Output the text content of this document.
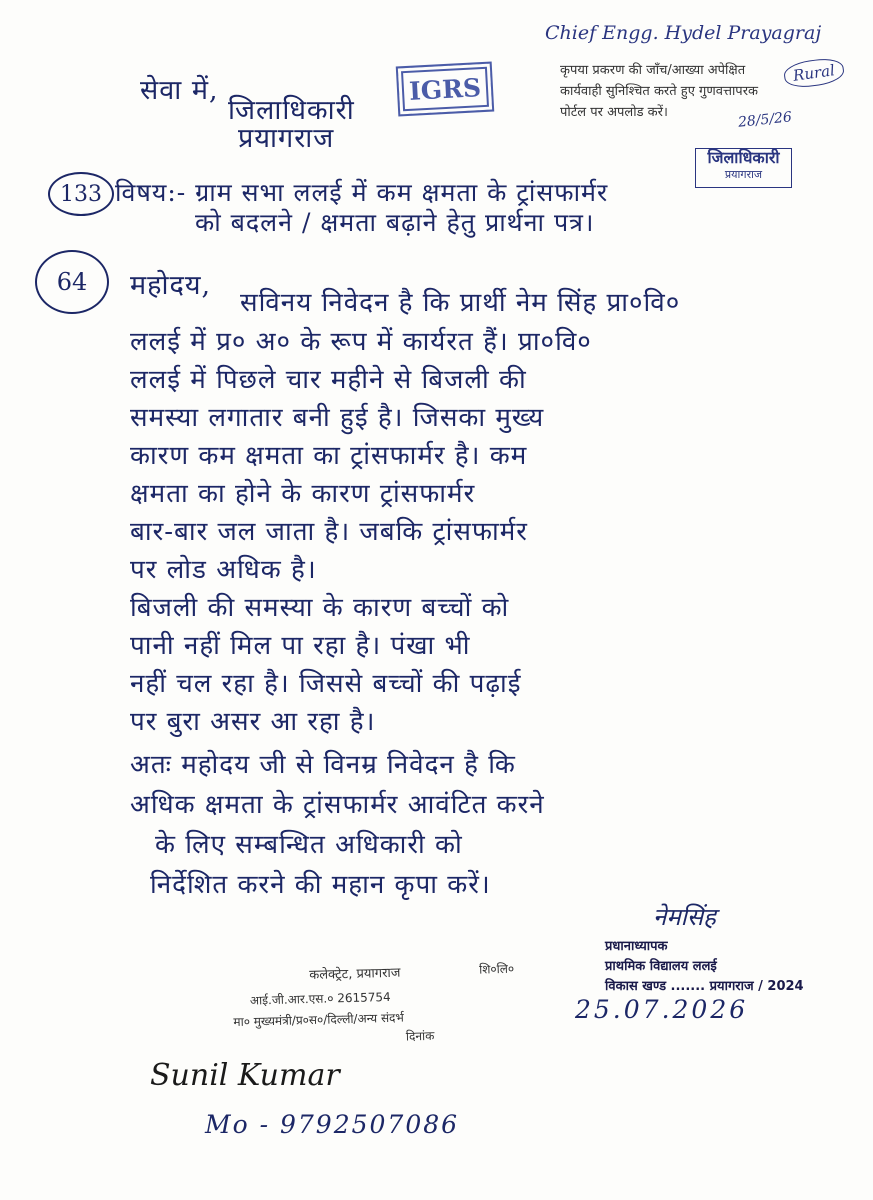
Chief Engg. Hydel Prayagraj
कृपया प्रकरण की जाँच/आख्या अपेक्षित
कार्यवाही सुनिश्चित करते हुए गुणवत्तापरक
पोर्टल पर अपलोड करें।
Rural
28/5/26
IGRS
सेवा में,
जिलाधिकारी
प्रयागराज
जिलाधिकारी
प्रयागराज
133
64
विषय:- ग्राम सभा ललई में कम क्षमता के ट्रांसफार्मर
को बदलने / क्षमता बढ़ाने हेतु प्रार्थना पत्र।
महोदय,
सविनय निवेदन है कि प्रार्थी नेम सिंह प्रा०वि०
ललई में प्र० अ० के रूप में कार्यरत हैं। प्रा०वि०
ललई में पिछले चार महीने से बिजली की
समस्या लगातार बनी हुई है। जिसका मुख्य
कारण कम क्षमता का ट्रांसफार्मर है। कम
क्षमता का होने के कारण ट्रांसफार्मर
बार-बार जल जाता है। जबकि ट्रांसफार्मर
पर लोड अधिक है।
बिजली की समस्या के कारण बच्चों को
पानी नहीं मिल पा रहा है। पंखा भी
नहीं चल रहा है। जिससे बच्चों की पढ़ाई
पर बुरा असर आ रहा है।
अतः महोदय जी से विनम्र निवेदन है कि
अधिक क्षमता के ट्रांसफार्मर आवंटित करने
के लिए सम्बन्धित अधिकारी को
निर्देशित करने की महान कृपा करें।
कलेक्ट्रेट, प्रयागराज	शि०लि०
आई.जी.आर.एस.० 2615754
मा० मुख्यमंत्री/प्र०स०/दिल्ली/अन्य संदर्भ
दिनांक
नेमसिंह
प्रधानाध्यापक
प्राथमिक विद्यालय ललई
विकास खण्ड ....... प्रयागराज / 2024
25.07.2026
Sunil Kumar
Mo - 9792507086
